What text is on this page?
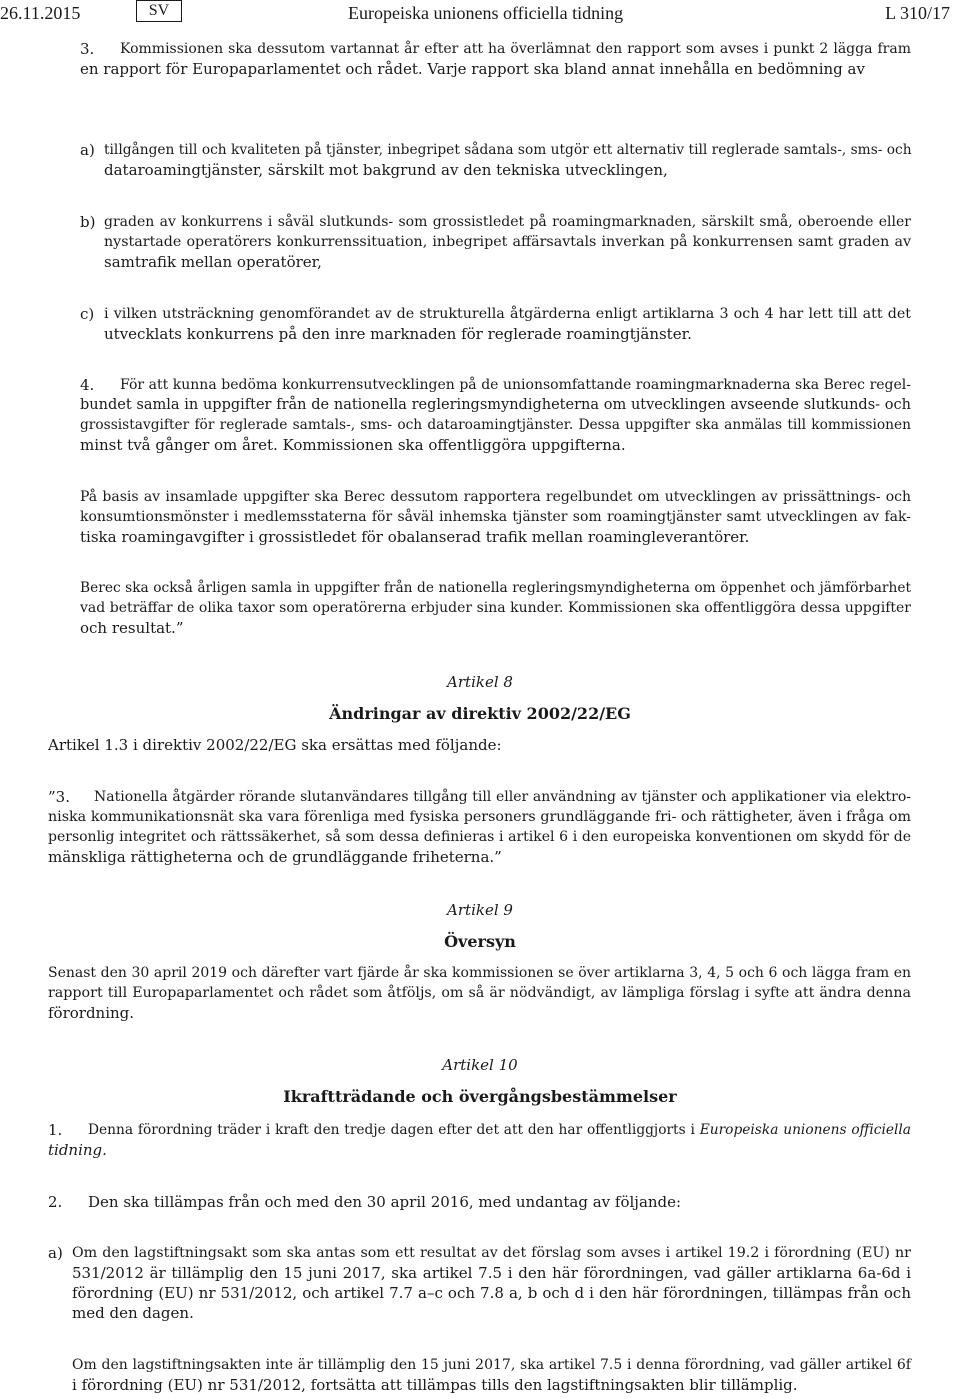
26.11.2015	SV	Europeiska unionens officiella tidning	L 310/17
3. Kommissionen ska dessutom vartannat år efter att ha överlämnat den rapport som avses i punkt 2 lägga fram
en rapport för Europaparlamentet och rådet. Varje rapport ska bland annat innehålla en bedömning av
a) tillgången till och kvaliteten på tjänster, inbegripet sådana som utgör ett alternativ till reglerade samtals-, sms- och
dataroamingtjänster, särskilt mot bakgrund av den tekniska utvecklingen,
b) graden av konkurrens i såväl slutkunds- som grossistledet på roamingmarknaden, särskilt små, oberoende eller
nystartade operatörers konkurrenssituation, inbegripet affärsavtals inverkan på konkurrensen samt graden av
samtrafik mellan operatörer,
c) i vilken utsträckning genomförandet av de strukturella åtgärderna enligt artiklarna 3 och 4 har lett till att det
utvecklats konkurrens på den inre marknaden för reglerade roamingtjänster.
4. För att kunna bedöma konkurrensutvecklingen på de unionsomfattande roamingmarknaderna ska Berec regel-
bundet samla in uppgifter från de nationella regleringsmyndigheterna om utvecklingen avseende slutkunds- och
grossistavgifter för reglerade samtals-, sms- och dataroamingtjänster. Dessa uppgifter ska anmälas till kommissionen
minst två gånger om året. Kommissionen ska offentliggöra uppgifterna.
På basis av insamlade uppgifter ska Berec dessutom rapportera regelbundet om utvecklingen av prissättnings- och
konsumtionsmönster i medlemsstaterna för såväl inhemska tjänster som roamingtjänster samt utvecklingen av fak-
tiska roamingavgifter i grossistledet för obalanserad trafik mellan roamingleverantörer.
Berec ska också årligen samla in uppgifter från de nationella regleringsmyndigheterna om öppenhet och jämförbarhet
vad beträffar de olika taxor som operatörerna erbjuder sina kunder. Kommissionen ska offentliggöra dessa uppgifter
och resultat.”
Artikel 8
Ändringar av direktiv 2002/22/EG
Artikel 1.3 i direktiv 2002/22/EG ska ersättas med följande:
”3. Nationella åtgärder rörande slutanvändares tillgång till eller användning av tjänster och applikationer via elektro-
niska kommunikationsnät ska vara förenliga med fysiska personers grundläggande fri- och rättigheter, även i fråga om
personlig integritet och rättssäkerhet, så som dessa definieras i artikel 6 i den europeiska konventionen om skydd för de
mänskliga rättigheterna och de grundläggande friheterna.”
Artikel 9
Översyn
Senast den 30 april 2019 och därefter vart fjärde år ska kommissionen se över artiklarna 3, 4, 5 och 6 och lägga fram en
rapport till Europaparlamentet och rådet som åtföljs, om så är nödvändigt, av lämpliga förslag i syfte att ändra denna
förordning.
Artikel 10
Ikraftträdande och övergångsbestämmelser
1. Denna förordning träder i kraft den tredje dagen efter det att den har offentliggjorts i Europeiska unionens officiella
tidning.
2. Den ska tillämpas från och med den 30 april 2016, med undantag av följande:
a) Om den lagstiftningsakt som ska antas som ett resultat av det förslag som avses i artikel 19.2 i förordning (EU) nr
531/2012 är tillämplig den 15 juni 2017, ska artikel 7.5 i den här förordningen, vad gäller artiklarna 6a-6d i
förordning (EU) nr 531/2012, och artikel 7.7 a–c och 7.8 a, b och d i den här förordningen, tillämpas från och
med den dagen.
Om den lagstiftningsakten inte är tillämplig den 15 juni 2017, ska artikel 7.5 i denna förordning, vad gäller artikel 6f
i förordning (EU) nr 531/2012, fortsätta att tillämpas tills den lagstiftningsakten blir tillämplig.
